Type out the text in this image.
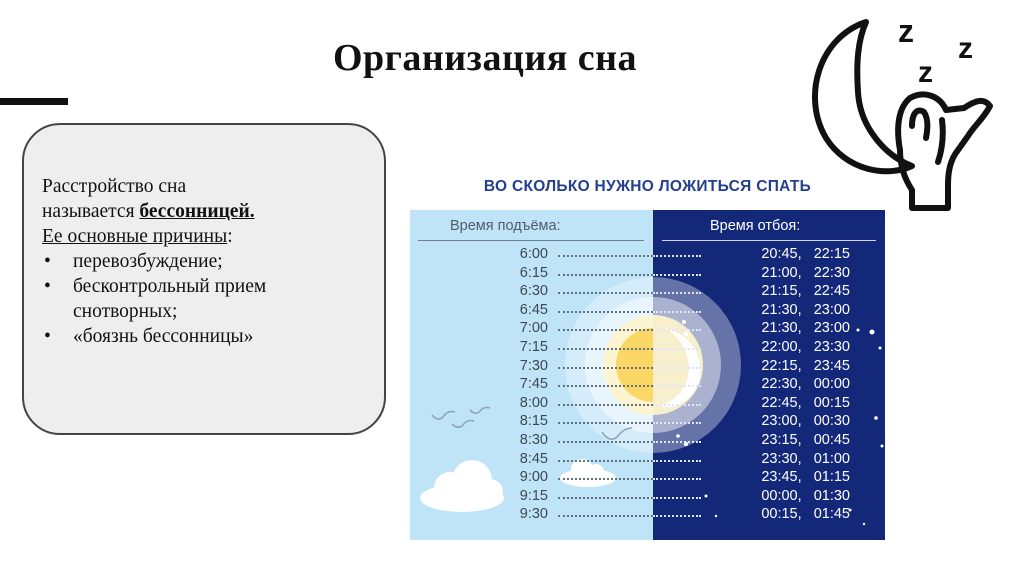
Организация сна
z z
z
Расстройство сна
называется бессонницей.
Ее основные причины:
• перевозбуждение;
• бесконтрольный прием снотворных;
• «боязнь бессонницы»
ВО СКОЛЬКО НУЖНО ЛОЖИТЬСЯ СПАТЬ
Время подъёма:	Время отбоя:
6:00	20:45,   22:15
6:15	21:00,   22:30
6:30	21:15,   22:45
6:45	21:30,   23:00
7:00	21:30,   23:00
7:15	22:00,   23:30
7:30	22:15,   23:45
7:45	22:30,   00:00
8:00	22:45,   00:15
8:15	23:00,   00:30
8:30	23:15,   00:45
8:45	23:30,   01:00
9:00	23:45,   01:15
9:15	00:00,   01:30
9:30	00:15,   01:45
